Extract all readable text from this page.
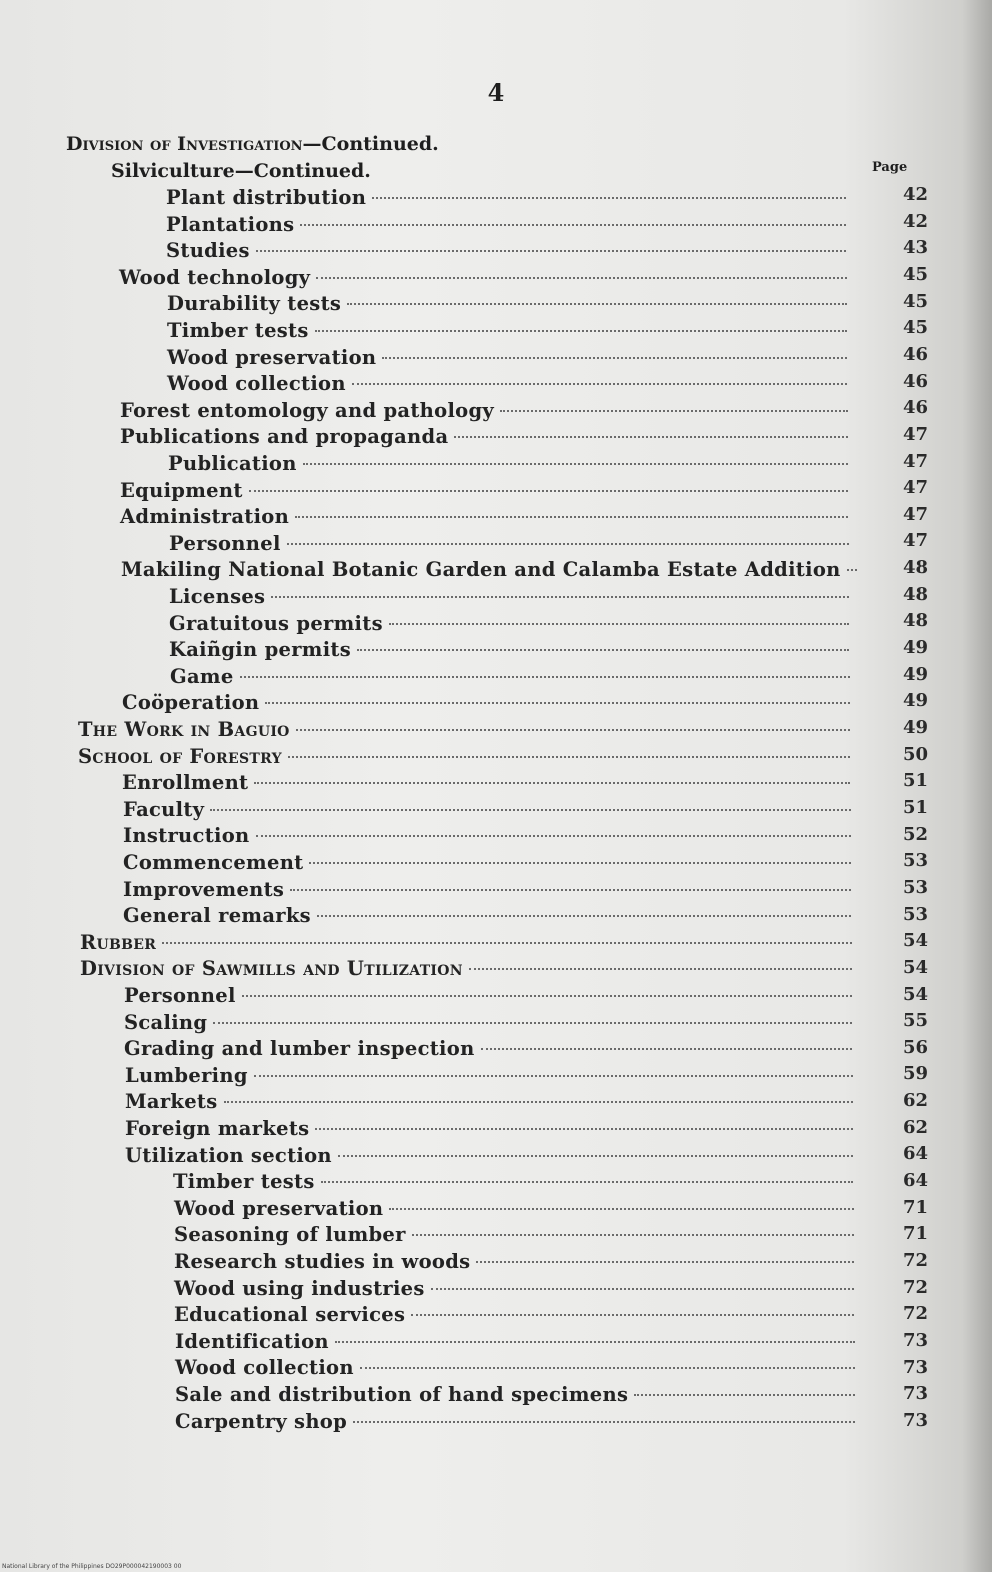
4
Division of Investigation—Continued.
Silviculture—Continued.	Page
Plant distribution
Plantations
Studies
Wood technology
Durability tests
Timber tests
Wood preservation
Wood collection
Forest entomology and pathology
Publications and propaganda
Publication
Equipment
Administration
Personnel
Makiling National Botanic Garden and Calamba Estate Addition
Licenses
Gratuitous permits
Kaiñgin permits
Game
Coöperation
The Work in Baguio
School of Forestry
Enrollment
Faculty
Instruction
Commencement
Improvements
General remarks
Rubber
Division of Sawmills and Utilization
Personnel
Scaling
Grading and lumber inspection
Lumbering
Markets
Foreign markets
Utilization section
Timber tests
Wood preservation
Seasoning of lumber
Research studies in woods
Wood using industries
Educational services
Identification
Wood collection
Sale and distribution of hand specimens
Carpentry shop
42
42
43
45
45
45
46
46
46
47
47
47
47
47
48
48
48
49
49
49
49
50
51
51
52
53
53
53
54
54
54
55
56
59
62
62
64
64
71
71
72
72
72
73
73
73
73
National Library of the Philippines DO29P000042190003 00
